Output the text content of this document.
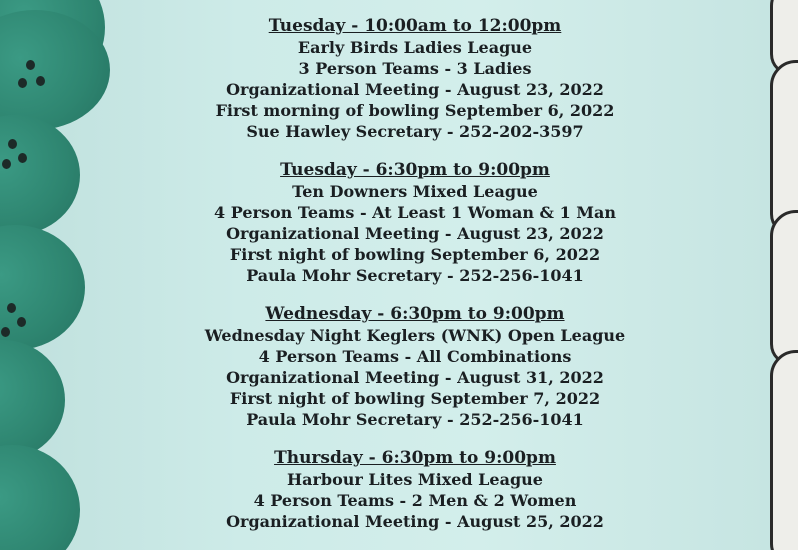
Tuesday - 10:00am to 12:00pm
Early Birds Ladies League
3 Person Teams - 3 Ladies
Organizational Meeting - August 23, 2022
First morning of bowling September 6, 2022
Sue Hawley Secretary - 252-202-3597
Tuesday - 6:30pm to 9:00pm
Ten Downers Mixed League
4 Person Teams - At Least 1 Woman & 1 Man
Organizational Meeting - August 23, 2022
First night of bowling September 6, 2022
Paula Mohr Secretary - 252-256-1041
Wednesday - 6:30pm to 9:00pm
Wednesday Night Keglers (WNK) Open League
4 Person Teams - All Combinations
Organizational Meeting - August 31, 2022
First night of bowling September 7, 2022
Paula Mohr Secretary - 252-256-1041
Thursday - 6:30pm to 9:00pm
Harbour Lites Mixed League
4 Person Teams - 2 Men & 2 Women
Organizational Meeting - August 25, 2022
